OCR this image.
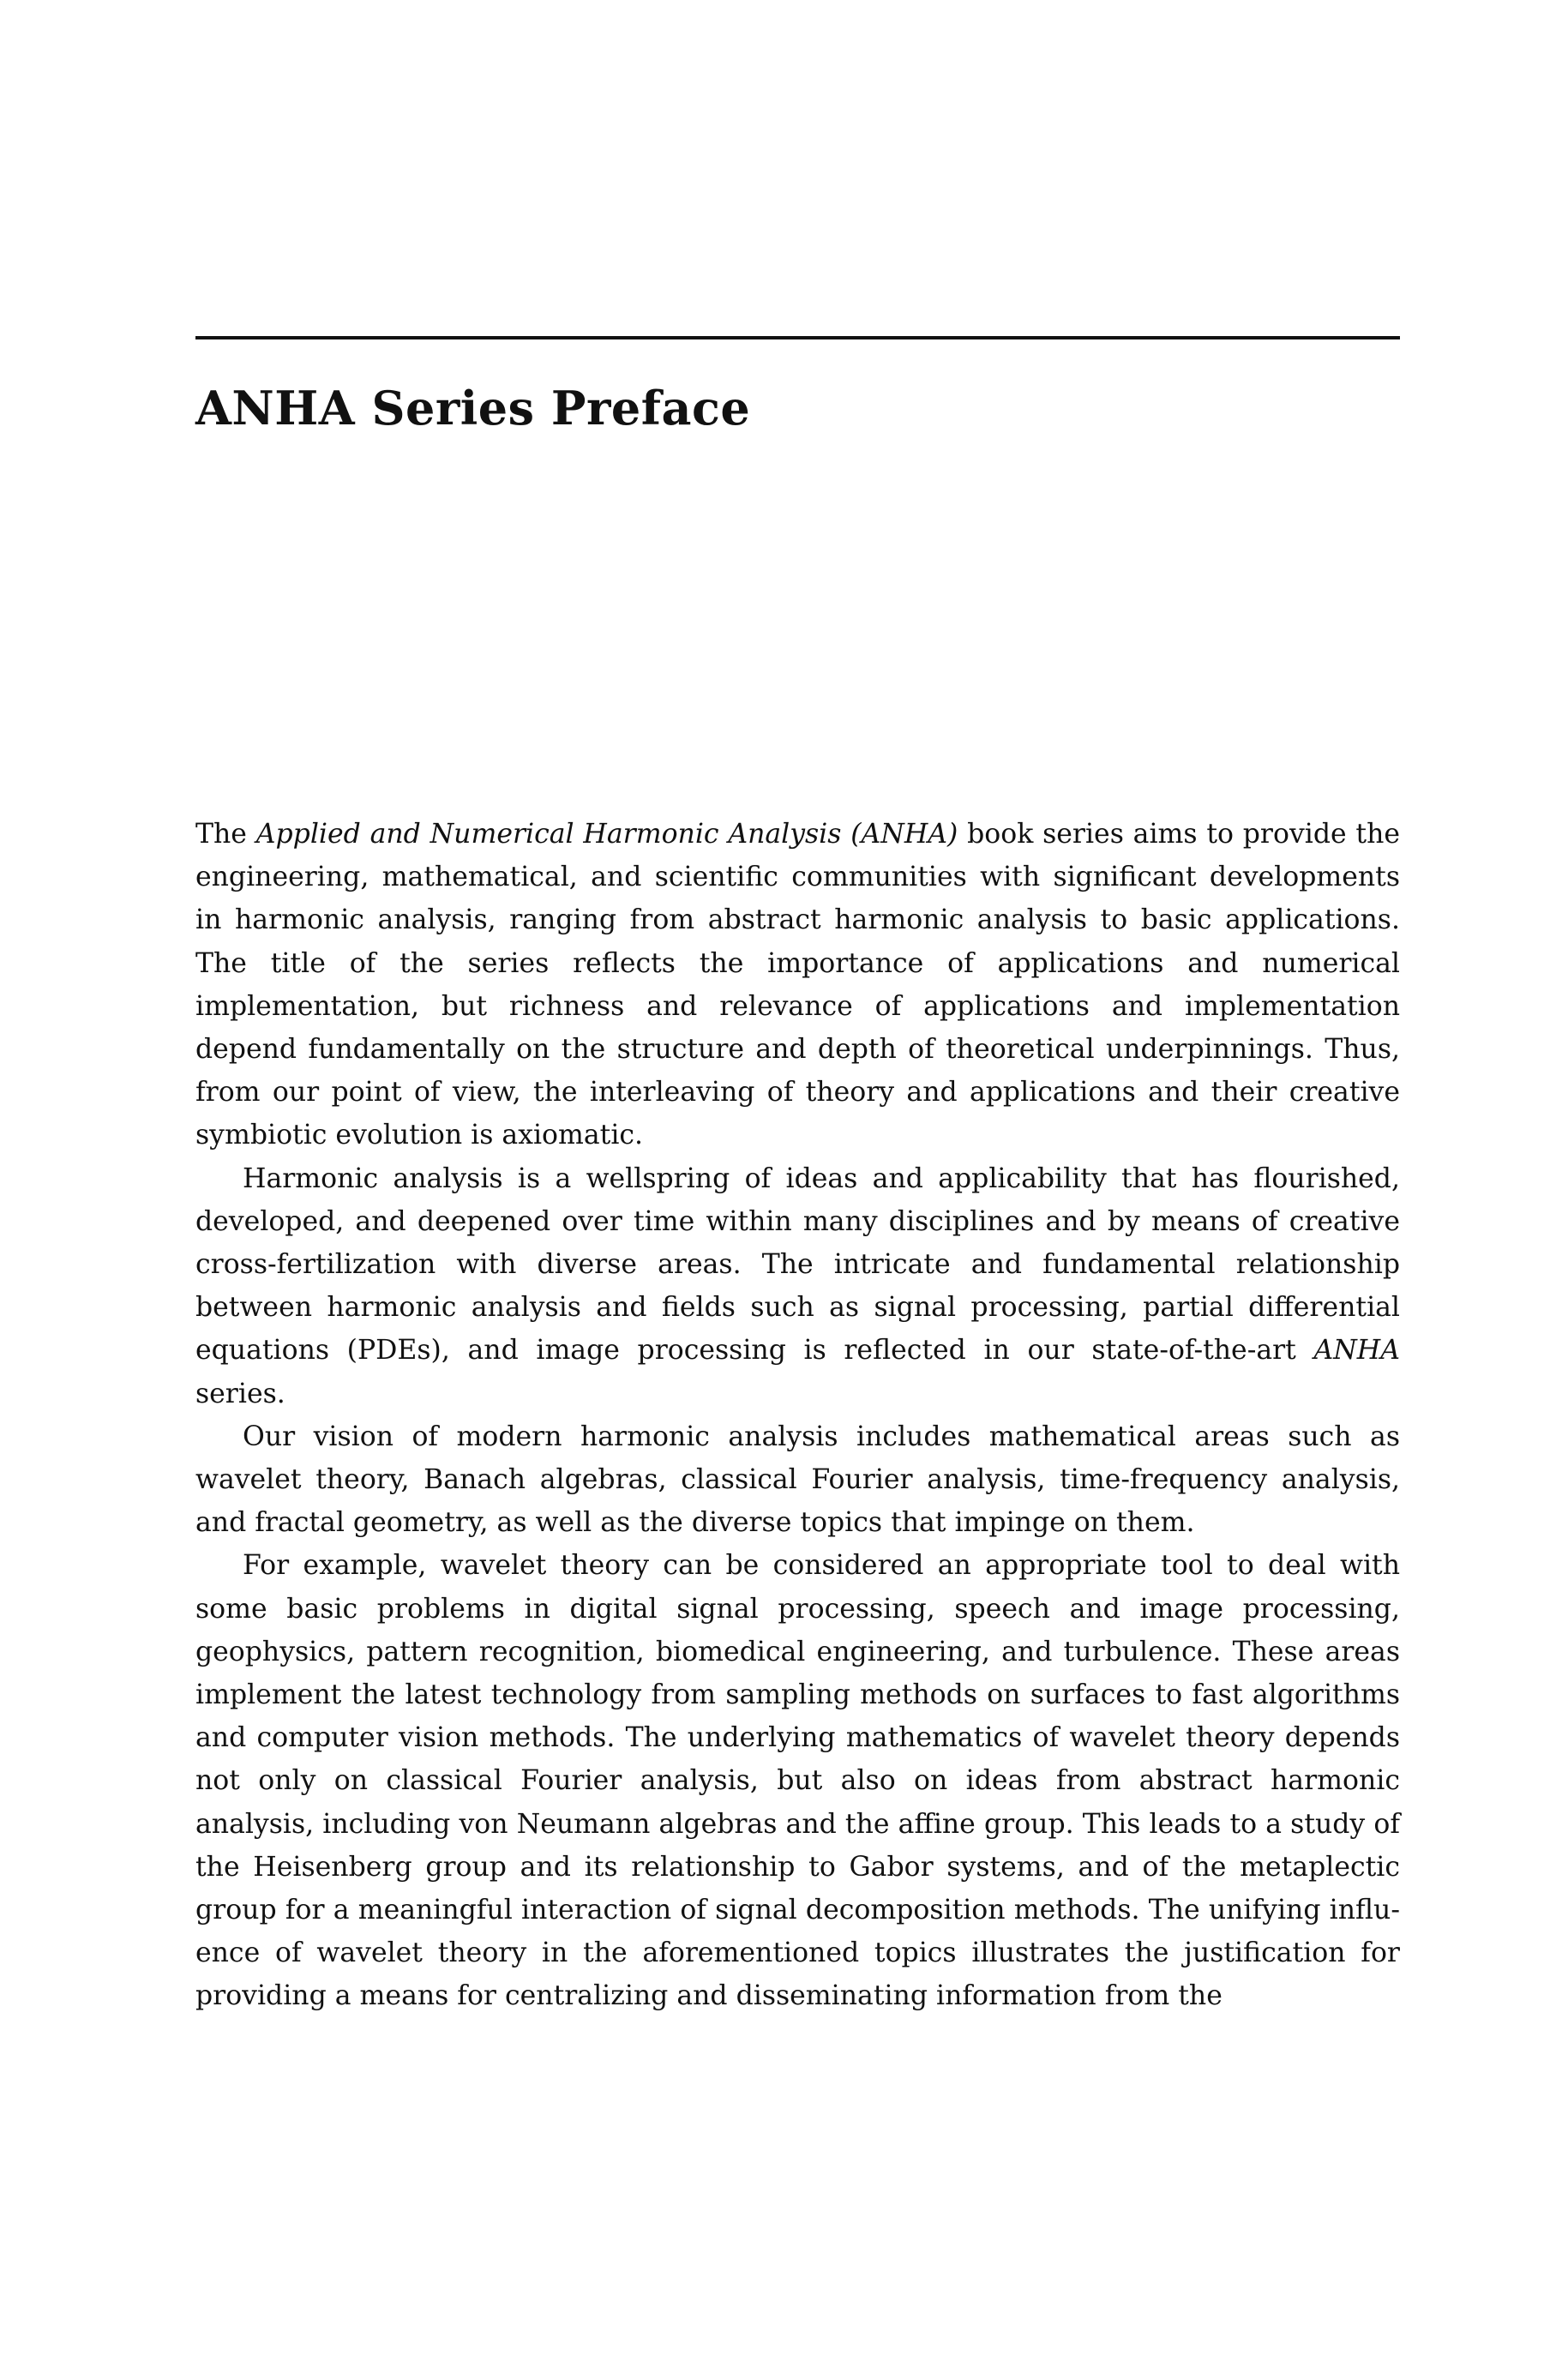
ANHA Series Preface

The Applied and Numerical Harmonic Analysis (ANHA) book series aims to provide the engineering, mathematical, and scientific communities with significant developments in harmonic analysis, ranging from abstract harmonic analysis to basic applications. The title of the series reflects the importance of applications and numerical implementation, but richness and relevance of applications and implementation depend fundamentally on the structure and depth of theoretical underpinnings. Thus, from our point of view, the interleaving of theory and applications and their creative symbiotic evolution is axiomatic.

Harmonic analysis is a wellspring of ideas and applicability that has flourished, developed, and deepened over time within many disciplines and by means of creative cross-fertilization with diverse areas. The intricate and fundamental relationship between harmonic analysis and fields such as signal processing, partial differential equations (PDEs), and image processing is reflected in our state-of-the-art ANHA series.

Our vision of modern harmonic analysis includes mathematical areas such as wavelet theory, Banach algebras, classical Fourier analysis, time-frequency analysis, and fractal geometry, as well as the diverse topics that impinge on them.

For example, wavelet theory can be considered an appropriate tool to deal with some basic problems in digital signal processing, speech and image processing, geophysics, pattern recognition, biomedical engineering, and turbulence. These areas implement the latest technology from sampling methods on surfaces to fast algorithms and computer vision methods. The underlying mathematics of wavelet theory depends not only on classical Fourier analysis, but also on ideas from abstract harmonic analysis, including von Neumann algebras and the affine group. This leads to a study of the Heisenberg group and its relationship to Gabor systems, and of the metaplectic group for a meaningful interaction of signal decomposition methods. The unifying influence of wavelet theory in the aforementioned topics illustrates the justification for providing a means for centralizing and disseminating information from the
